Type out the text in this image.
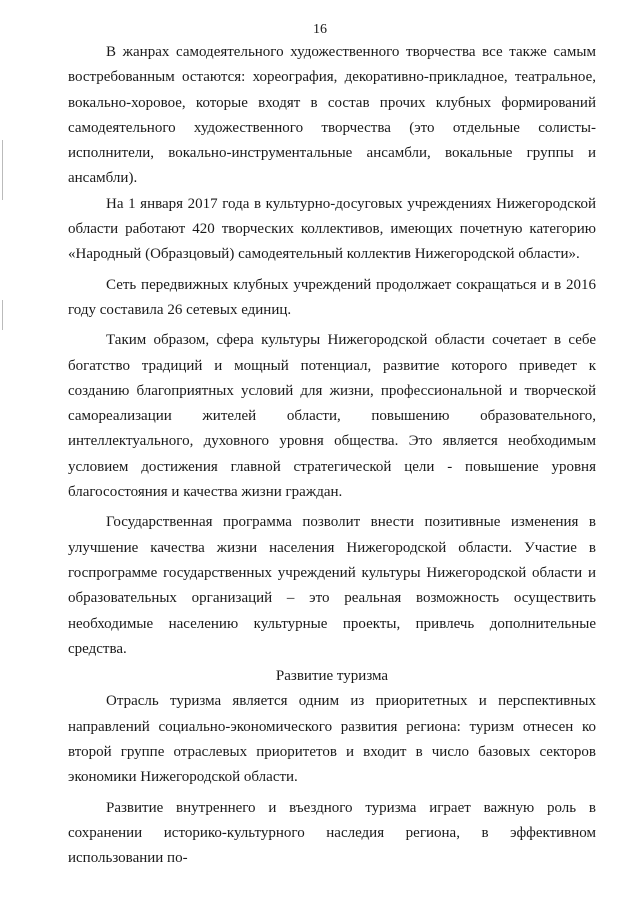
16

В жанрах самодеятельного художественного творчества все также самым востребованным остаются: хореография, декоративно-прикладное, театральное, вокально-хоровое, которые входят в состав прочих клубных формирований самодеятельного художественного творчества (это отдельные солисты-исполнители, вокально-инструментальные ансамбли, вокальные группы и ансамбли).

На 1 января 2017 года в культурно-досуговых учреждениях Нижегородской области работают 420 творческих коллективов, имеющих почетную категорию «Народный (Образцовый) самодеятельный коллектив Нижегородской области».

Сеть передвижных клубных учреждений продолжает сокращаться и в 2016 году составила 26 сетевых единиц.

Таким образом, сфера культуры Нижегородской области сочетает в себе богатство традиций и мощный потенциал, развитие которого приведет к созданию благоприятных условий для жизни, профессиональной и творческой самореализации жителей области, повышению образовательного, интеллектуального, духовного уровня общества. Это является необходимым условием достижения главной стратегической цели - повышение уровня благосостояния и качества жизни граждан.

Государственная программа позволит внести позитивные изменения в улучшение качества жизни населения Нижегородской области. Участие в госпрограмме государственных учреждений культуры Нижегородской области и образовательных организаций – это реальная возможность осуществить необходимые населению культурные проекты, привлечь дополнительные средства.

Развитие туризма

Отрасль туризма является одним из приоритетных и перспективных направлений социально-экономического развития региона: туризм отнесен ко второй группе отраслевых приоритетов и входит в число базовых секторов экономики Нижегородской области.

Развитие внутреннего и въездного туризма играет важную роль в сохранении историко-культурного наследия региона, в эффективном использовании по-
